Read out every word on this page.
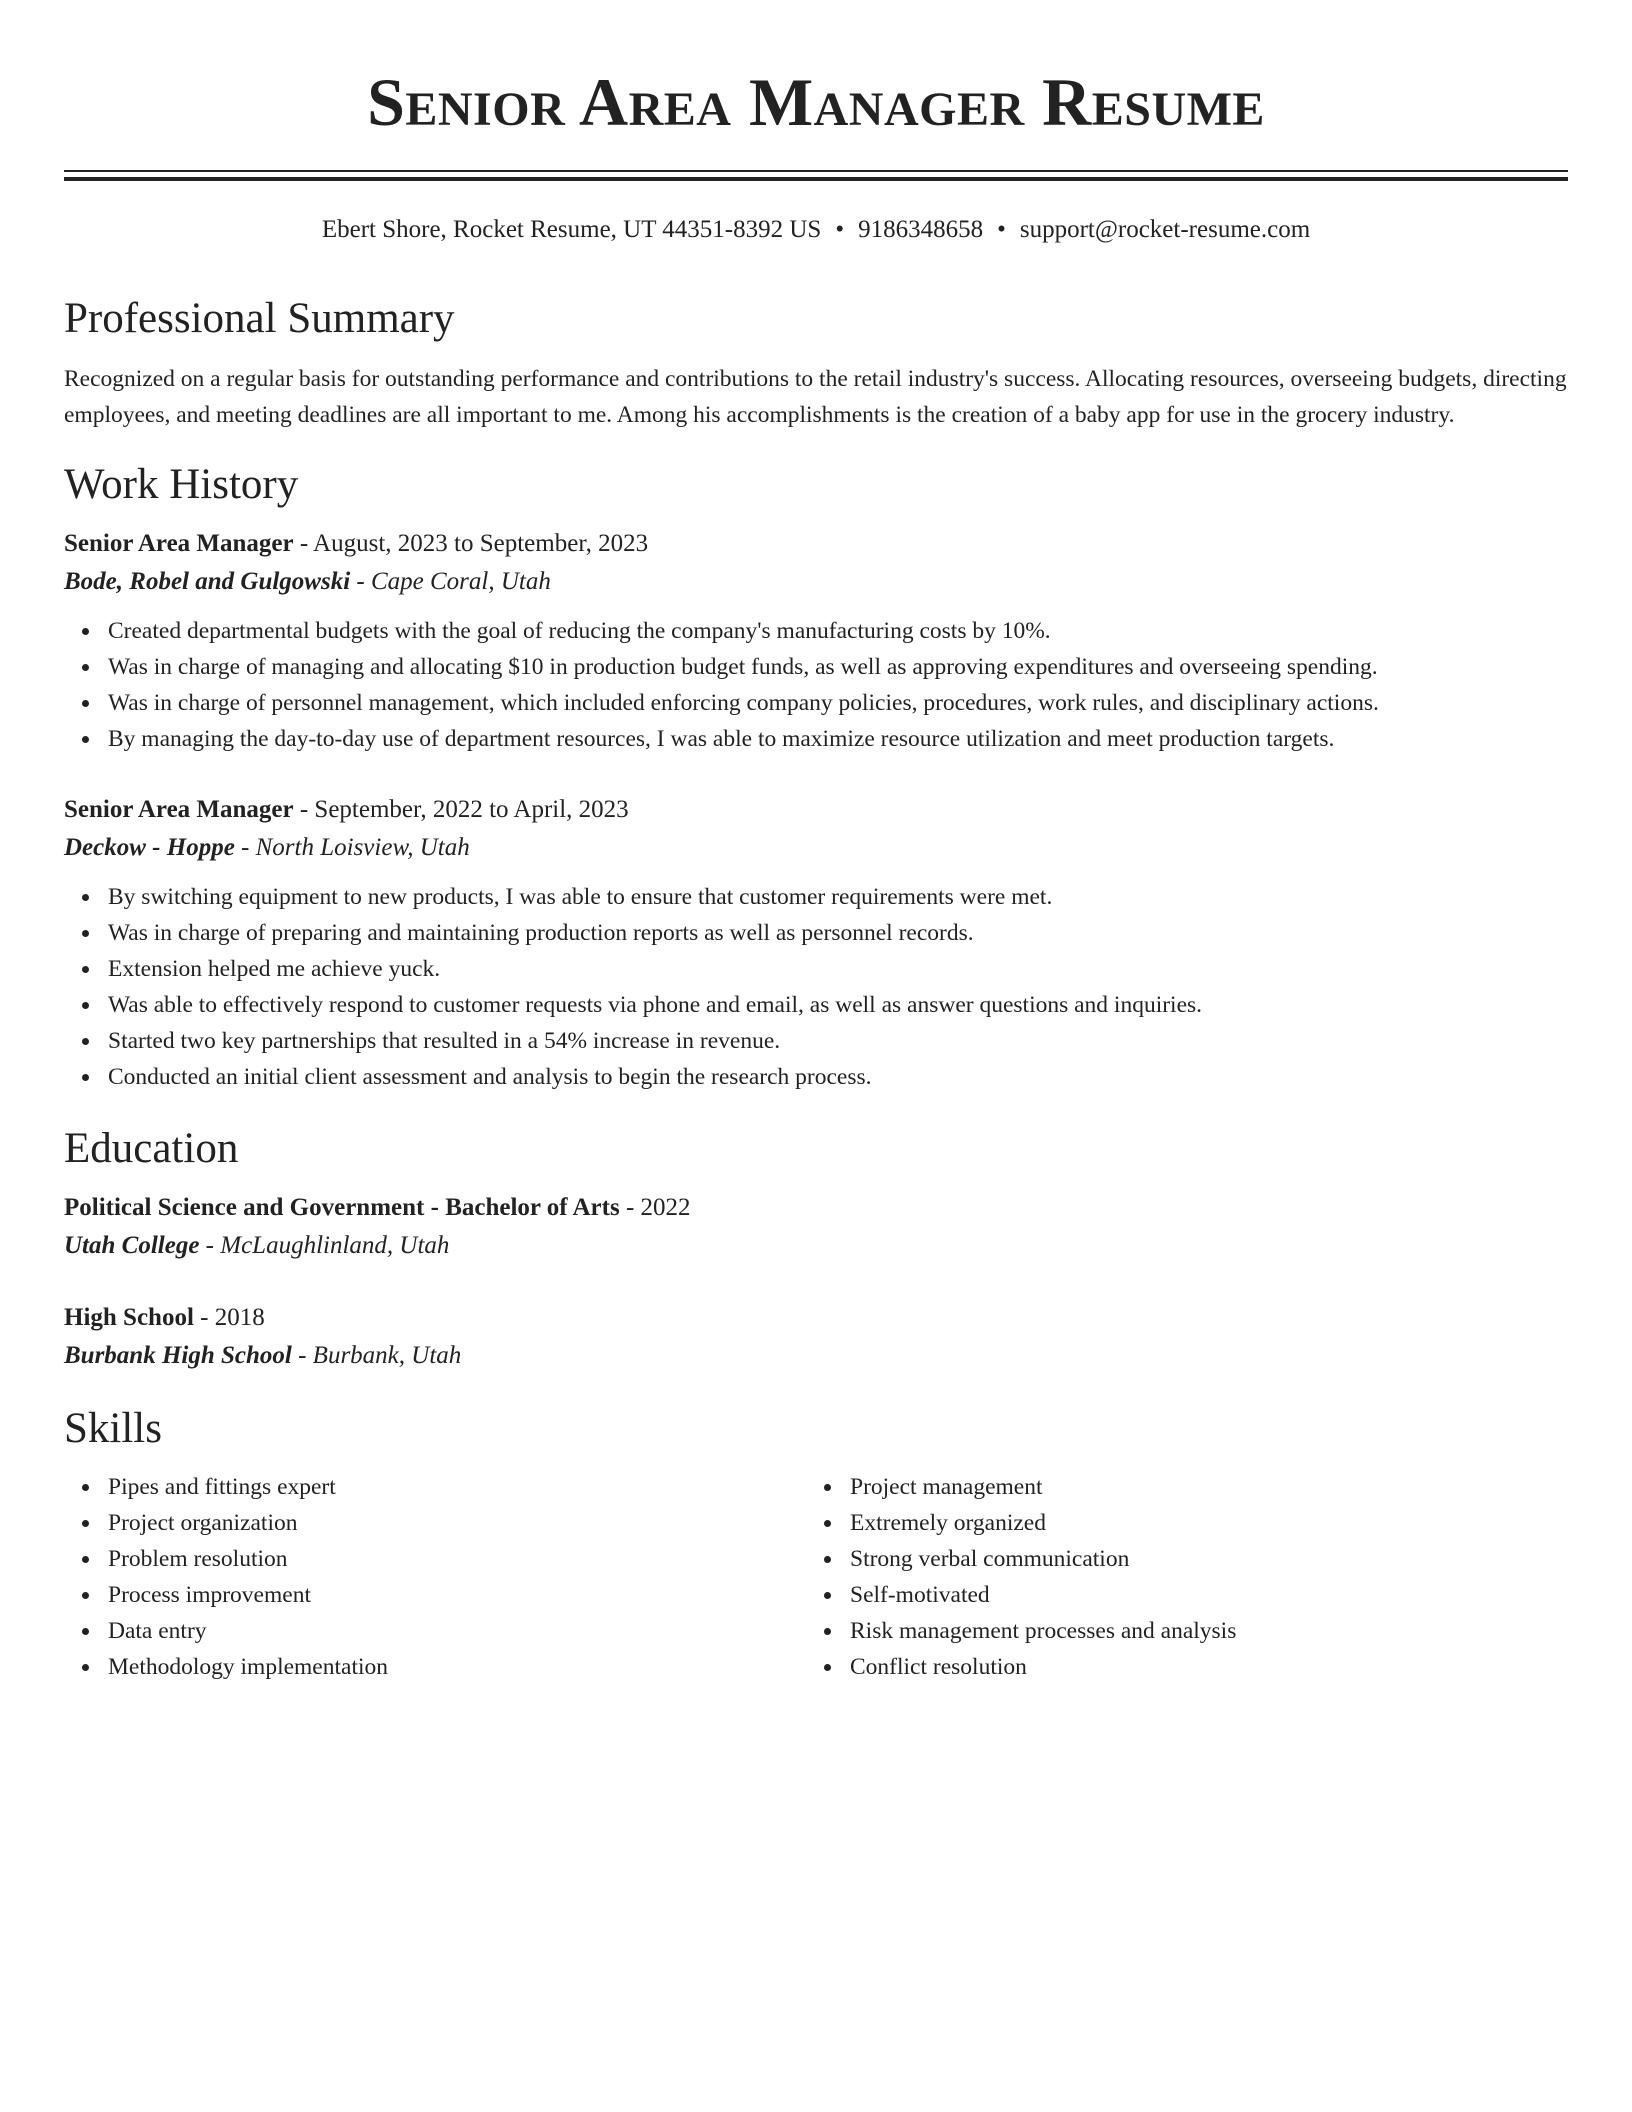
Senior Area Manager Resume
Ebert Shore, Rocket Resume, UT 44351-8392 US • 9186348658 • support@rocket-resume.com
Professional Summary

Recognized on a regular basis for outstanding performance and contributions to the retail industry's success. Allocating resources, overseeing budgets, directing employees, and meeting deadlines are all important to me. Among his accomplishments is the creation of a baby app for use in the grocery industry.

Work History

Senior Area Manager - August, 2023 to September, 2023

Bode, Robel and Gulgowski - Cape Coral, Utah

Created departmental budgets with the goal of reducing the company's manufacturing costs by 10%.
Was in charge of managing and allocating $10 in production budget funds, as well as approving expenditures and overseeing spending.
Was in charge of personnel management, which included enforcing company policies, procedures, work rules, and disciplinary actions.
By managing the day-to-day use of department resources, I was able to maximize resource utilization and meet production targets.

Senior Area Manager - September, 2022 to April, 2023

Deckow - Hoppe - North Loisview, Utah

By switching equipment to new products, I was able to ensure that customer requirements were met.
Was in charge of preparing and maintaining production reports as well as personnel records.
Extension helped me achieve yuck.
Was able to effectively respond to customer requests via phone and email, as well as answer questions and inquiries.
Started two key partnerships that resulted in a 54% increase in revenue.
Conducted an initial client assessment and analysis to begin the research process.
Education

Political Science and Government - Bachelor of Arts - 2022

Utah College - McLaughlinland, Utah

High School - 2018

Burbank High School - Burbank, Utah

Skills
Pipes and fittings expert
Project organization
Problem resolution
Process improvement
Data entry
Methodology implementation
Project management
Extremely organized
Strong verbal communication
Self-motivated
Risk management processes and analysis
Conflict resolution
